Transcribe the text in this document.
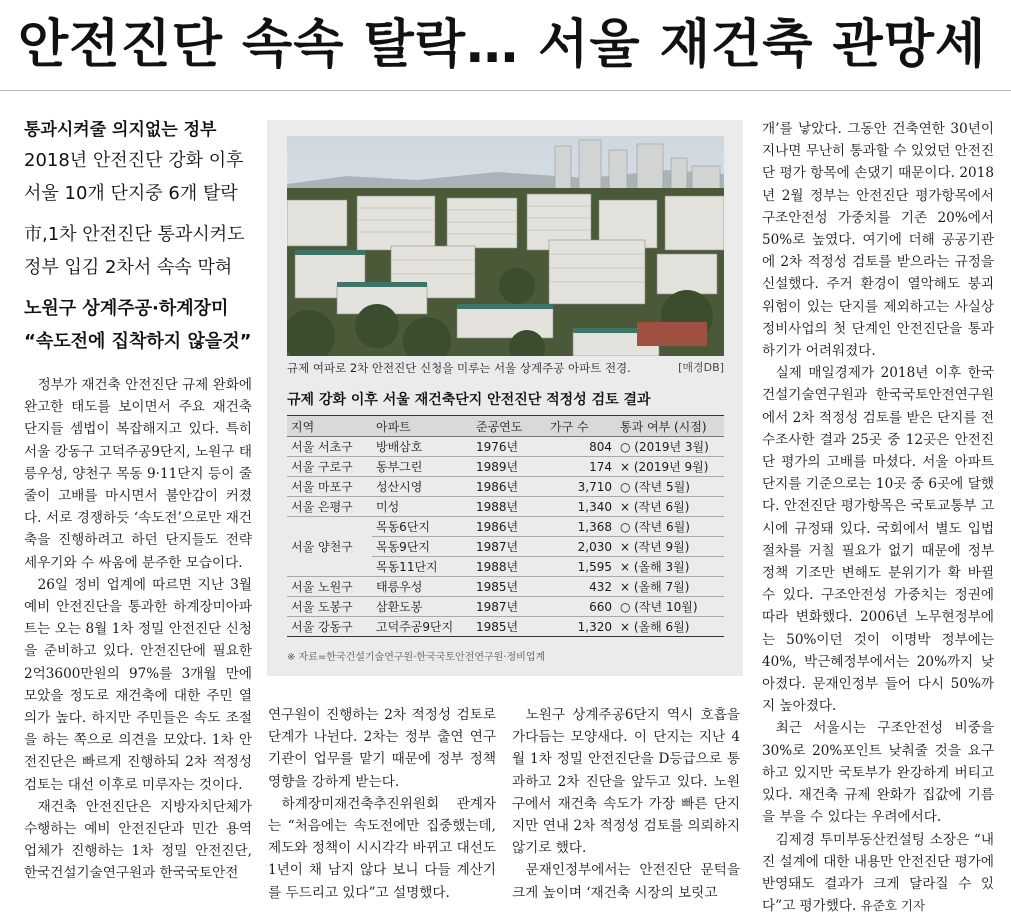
안전진단 속속 탈락… 서울 재건축 관망세

통과시켜줄 의지없는 정부

2018년 안전진단 강화 이후

서울 10개 단지중 6개 탈락

市,1차 안전진단 통과시켜도

정부 입김 2차서 속속 막혀

노원구 상계주공·하계장미

“속도전에 집착하지 않을것”

정부가 재건축 안전진단 규제 완화에 완고한 태도를 보이면서 주요 재건축 단지들 셈법이 복잡해지고 있다. 특히 서울 강동구 고덕주공9단지, 노원구 태릉우성, 양천구 목동 9·11단지 등이 줄줄이 고배를 마시면서 불안감이 커졌다. 서로 경쟁하듯 ‘속도전’으로만 재건축을 진행하려고 하던 단지들도 전략 세우기와 수 싸움에 분주한 모습이다.

26일 정비 업계에 따르면 지난 3월 예비 안전진단을 통과한 하계장미아파트는 오는 8월 1차 정밀 안전진단 신청을 준비하고 있다. 안전진단에 필요한 2억3600만원의 97%를 3개월 만에 모았을 정도로 재건축에 대한 주민 열의가 높다. 하지만 주민들은 속도 조절을 하는 쪽으로 의견을 모았다. 1차 안전진단은 빠르게 진행하되 2차 적정성 검토는 대선 이후로 미루자는 것이다.

재건축 안전진단은 지방자치단체가 수행하는 예비 안전진단과 민간 용역 업체가 진행하는 1차 정밀 안전진단, 한국건설기술연구원과 한국국토안전

규제 여파로 2차 안전진단 신청을 미루는 서울 상계주공 아파트 전경.	[매경DB]
규제 강화 이후 서울 재건축단지 안전진단 적정성 검토 결과
지역	아파트	준공연도	가구 수	통과 여부 (시점)
서울 서초구	방배삼호	1976년	804	○ (2019년 3월)
서울 구로구	동부그린	1989년	174	× (2019년 9월)
서울 마포구	성산시영	1986년	3,710	○ (작년 5월)
서울 은평구	미성	1988년	1,340	× (작년 6월)
서울 양천구	목동6단지	1986년	1,368	○ (작년 6월)
	목동9단지	1987년	2,030	× (작년 9월)
	목동11단지	1988년	1,595	× (올해 3월)
서울 노원구	태릉우성	1985년	432	× (올해 7월)
서울 도봉구	삼환도봉	1987년	660	○ (작년 10월)
서울 강동구	고덕주공9단지	1985년	1,320	× (올해 6월)
※ 자료=한국건설기술연구원·한국국토안전연구원·정비업계

연구원이 진행하는 2차 적정성 검토로 단계가 나뉜다. 2차는 정부 출연 연구기관이 업무를 맡기 때문에 정부 정책 영향을 강하게 받는다.

하계장미재건축추진위원회 관계자는 “처음에는 속도전에만 집중했는데, 제도와 정책이 시시각각 바뀌고 대선도 1년이 채 남지 않다 보니 다들 계산기를 두드리고 있다”고 설명했다.

노원구 상계주공6단지 역시 호흡을 가다듬는 모양새다. 이 단지는 지난 4월 1차 정밀 안전진단을 D등급으로 통과하고 2차 진단을 앞두고 있다. 노원구에서 재건축 속도가 가장 빠른 단지지만 연내 2차 적정성 검토를 의뢰하지 않기로 했다.

문재인정부에서는 안전진단 문턱을 크게 높이며 ‘재건축 시장의 보릿고

개’를 낳았다. 그동안 건축연한 30년이 지나면 무난히 통과할 수 있었던 안전진단 평가 항목에 손댔기 때문이다. 2018년 2월 정부는 안전진단 평가항목에서 구조안전성 가중치를 기존 20%에서 50%로 높였다. 여기에 더해 공공기관에 2차 적정성 검토를 받으라는 규정을 신설했다. 주거 환경이 열악해도 붕괴 위험이 있는 단지를 제외하고는 사실상 정비사업의 첫 단계인 안전진단을 통과하기가 어려워졌다.

실제 매일경제가 2018년 이후 한국건설기술연구원과 한국국토안전연구원에서 2차 적정성 검토를 받은 단지를 전수조사한 결과 25곳 중 12곳은 안전진단 평가의 고배를 마셨다. 서울 아파트 단지를 기준으로는 10곳 중 6곳에 달했다. 안전진단 평가항목은 국토교통부 고시에 규정돼 있다. 국회에서 별도 입법 절차를 거칠 필요가 없기 때문에 정부 정책 기조만 변해도 분위기가 확 바뀔 수 있다. 구조안전성 가중치는 정권에 따라 변화했다. 2006년 노무현정부에는 50%이던 것이 이명박 정부에는 40%, 박근혜정부에서는 20%까지 낮아졌다. 문재인정부 들어 다시 50%까지 높아졌다.

최근 서울시는 구조안전성 비중을 30%로 20%포인트 낮춰줄 것을 요구하고 있지만 국토부가 완강하게 버티고 있다. 재건축 규제 완화가 집값에 기름을 부을 수 있다는 우려에서다.

김제경 투미부동산컨설팅 소장은 “내진 설계에 대한 내용만 안전진단 평가에 반영돼도 결과가 크게 달라질 수 있다”고 평가했다. 유준호 기자
